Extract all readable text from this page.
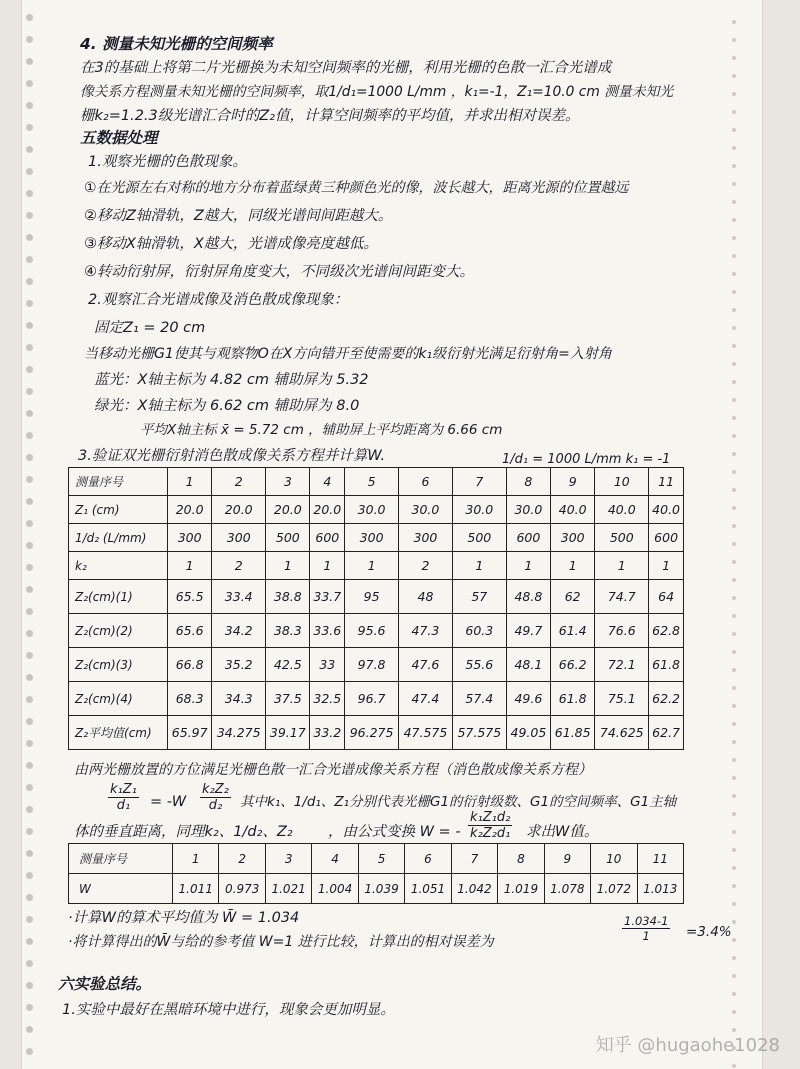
4. 测量未知光栅的空间频率
在3的基础上将第二片光栅换为未知空间频率的光栅，利用光栅的色散一汇合光谱成
像关系方程测量未知光栅的空间频率，取1/d₁=1000 L/mm ，k₁=-1，Z₁=10.0 cm 测量未知光
栅k₂=1.2.3级光谱汇合时的Z₂值，计算空间频率的平均值，并求出相对误差。
五数据处理
1.观察光栅的色散现象。
①在光源左右对称的地方分布着蓝绿黄三种颜色光的像，波长越大，距离光源的位置越远
②移动Z轴滑轨，Z越大，同级光谱间间距越大。
③移动X轴滑轨，X越大，光谱成像亮度越低。
④转动衍射屏，衍射屏角度变大，不同级次光谱间间距变大。
2.观察汇合光谱成像及消色散成像现象：
固定Z₁ = 20 cm
当移动光栅G1使其与观察物O在X方向错开至使需要的k₁级衍射光满足衍射角=入射角
蓝光：X轴主标为 4.82 cm 辅助屏为 5.32
绿光：X轴主标为 6.62 cm 辅助屏为 8.0
平均X轴主标 x̄ = 5.72 cm ，辅助屏上平均距离为 6.66 cm
3.验证双光栅衍射消色散成像关系方程并计算W.	1/d₁ = 1000 L/mm k₁ = -1
测量序号	1	2	3	4	5	6	7	8	9	10	11
Z₁ (cm)	20.0	20.0	20.0	20.0	30.0	30.0	30.0	30.0	40.0	40.0	40.0
1/d₂ (L/mm)	300	300	500	600	300	300	500	600	300	500	600
k₂	1	2	1	1	1	2	1	1	1	1	1
Z₂(cm)(1)	65.5	33.4	38.8	33.7	95	48	57	48.8	62	74.7	64
Z₂(cm)(2)	65.6	34.2	38.3	33.6	95.6	47.3	60.3	49.7	61.4	76.6	62.8
Z₂(cm)(3)	66.8	35.2	42.5	33	97.8	47.6	55.6	48.1	66.2	72.1	61.8
Z₂(cm)(4)	68.3	34.3	37.5	32.5	96.7	47.4	57.4	49.6	61.8	75.1	62.2
Z₂平均值(cm)	65.97	34.275	39.17	33.2	96.275	47.575	57.575	49.05	61.85	74.625	62.7
由两光栅放置的方位满足光栅色散一汇合光谱成像关系方程（消色散成像关系方程）
$\frac{\text{k₁Z₁}}{\text{d₁}} = -W \frac{\text{k₂Z₂}}{\text{d₂}}$ 其中k₁、1/d₁、Z₁分别代表光栅G1的衍射级数、G1的空间频率、G1主轴
体的垂直距离，同理k₂、1/d₂、Z₂ ，由公式变换 W = - $\frac{\text{k₁Z₁d₂}}{\text{k₂Z₂d₁}}$ 求出W值。
测量序号	1	2	3	4	5	6	7	8	9	10	11
W	1.011	0.973	1.021	1.004	1.039	1.051	1.042	1.019	1.078	1.072	1.013
·计算W的算术平均值为 W̄ = 1.034
·将计算得出的W̄与给的参考值 W=1 进行比较，计算出的相对误差为	$\frac{1.034-1}{1} =3.4\%$
六实验总结。
1.实验中最好在黑暗环境中进行，现象会更加明显。
知乎 @hugaohe1028
